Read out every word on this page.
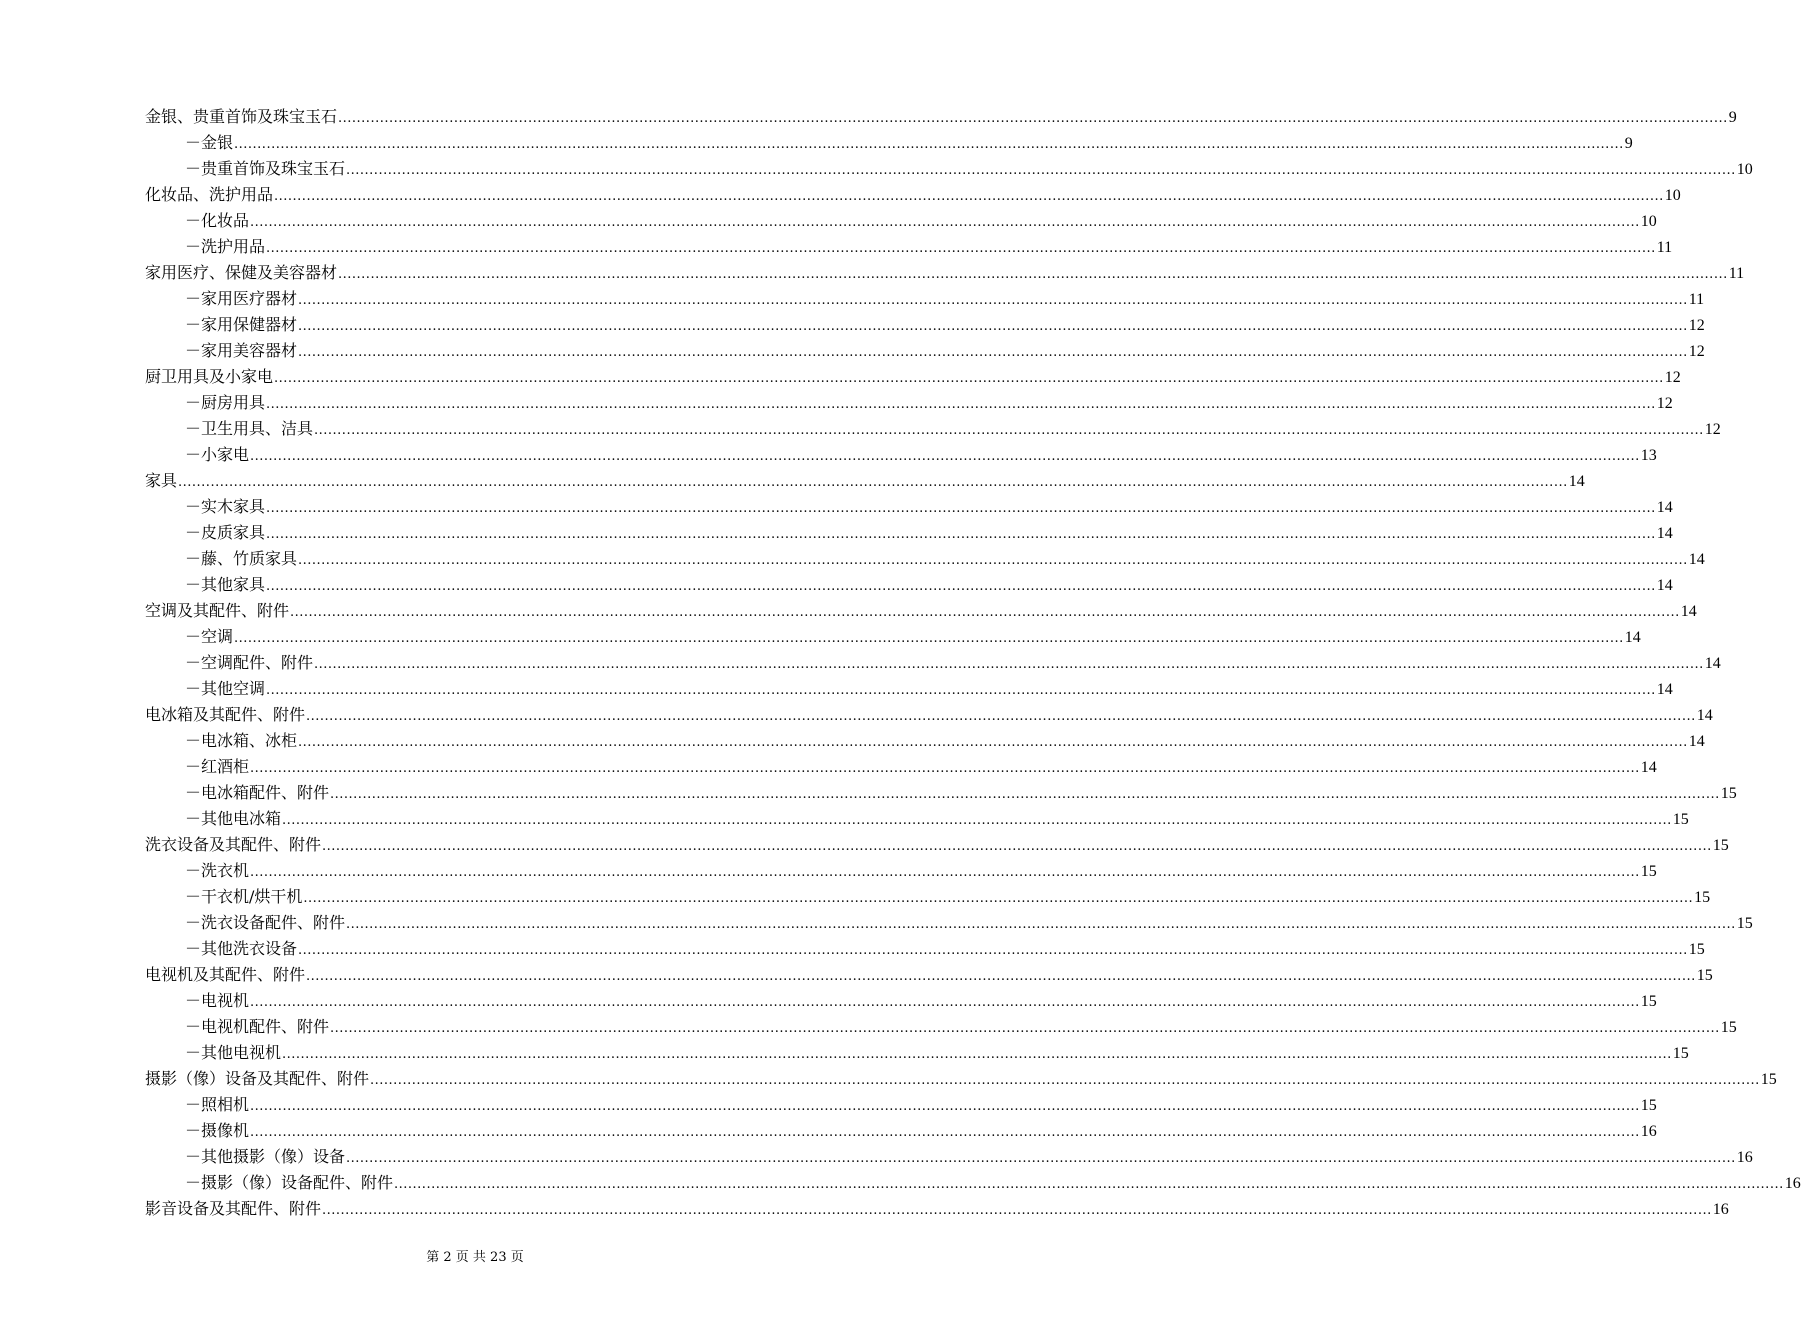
金银、贵重首饰及珠宝玉石 ............................................................................................................................................................................................................................................................................................................ 9
－金银 ............................................................................................................................................................................................................................................................................................................ 9
－贵重首饰及珠宝玉石 ............................................................................................................................................................................................................................................................................................................ 10
化妆品、洗护用品 ............................................................................................................................................................................................................................................................................................................ 10
－化妆品 ............................................................................................................................................................................................................................................................................................................ 10
－洗护用品 ............................................................................................................................................................................................................................................................................................................ 11
家用医疗、保健及美容器材 ............................................................................................................................................................................................................................................................................................................ 11
－家用医疗器材 ............................................................................................................................................................................................................................................................................................................ 11
－家用保健器材 ............................................................................................................................................................................................................................................................................................................ 12
－家用美容器材 ............................................................................................................................................................................................................................................................................................................ 12
厨卫用具及小家电 ............................................................................................................................................................................................................................................................................................................ 12
－厨房用具 ............................................................................................................................................................................................................................................................................................................ 12
－卫生用具、洁具 ............................................................................................................................................................................................................................................................................................................ 12
－小家电 ............................................................................................................................................................................................................................................................................................................ 13
家具 ............................................................................................................................................................................................................................................................................................................ 14
－实木家具 ............................................................................................................................................................................................................................................................................................................ 14
－皮质家具 ............................................................................................................................................................................................................................................................................................................ 14
－藤、竹质家具 ............................................................................................................................................................................................................................................................................................................ 14
－其他家具 ............................................................................................................................................................................................................................................................................................................ 14
空调及其配件、附件 ............................................................................................................................................................................................................................................................................................................ 14
－空调 ............................................................................................................................................................................................................................................................................................................ 14
－空调配件、附件 ............................................................................................................................................................................................................................................................................................................ 14
－其他空调 ............................................................................................................................................................................................................................................................................................................ 14
电冰箱及其配件、附件 ............................................................................................................................................................................................................................................................................................................ 14
－电冰箱、冰柜 ............................................................................................................................................................................................................................................................................................................ 14
－红酒柜 ............................................................................................................................................................................................................................................................................................................ 14
－电冰箱配件、附件 ............................................................................................................................................................................................................................................................................................................ 15
－其他电冰箱 ............................................................................................................................................................................................................................................................................................................ 15
洗衣设备及其配件、附件 ............................................................................................................................................................................................................................................................................................................ 15
－洗衣机 ............................................................................................................................................................................................................................................................................................................ 15
－干衣机/烘干机 ............................................................................................................................................................................................................................................................................................................ 15
－洗衣设备配件、附件 ............................................................................................................................................................................................................................................................................................................ 15
－其他洗衣设备 ............................................................................................................................................................................................................................................................................................................ 15
电视机及其配件、附件 ............................................................................................................................................................................................................................................................................................................ 15
－电视机 ............................................................................................................................................................................................................................................................................................................ 15
－电视机配件、附件 ............................................................................................................................................................................................................................................................................................................ 15
－其他电视机 ............................................................................................................................................................................................................................................................................................................ 15
摄影（像）设备及其配件、附件 ............................................................................................................................................................................................................................................................................................................ 15
－照相机 ............................................................................................................................................................................................................................................................................................................ 15
－摄像机 ............................................................................................................................................................................................................................................................................................................ 16
－其他摄影（像）设备 ............................................................................................................................................................................................................................................................................................................ 16
－摄影（像）设备配件、附件 ............................................................................................................................................................................................................................................................................................................ 16
影音设备及其配件、附件 ............................................................................................................................................................................................................................................................................................................ 16
第 2 页 共 23 页
